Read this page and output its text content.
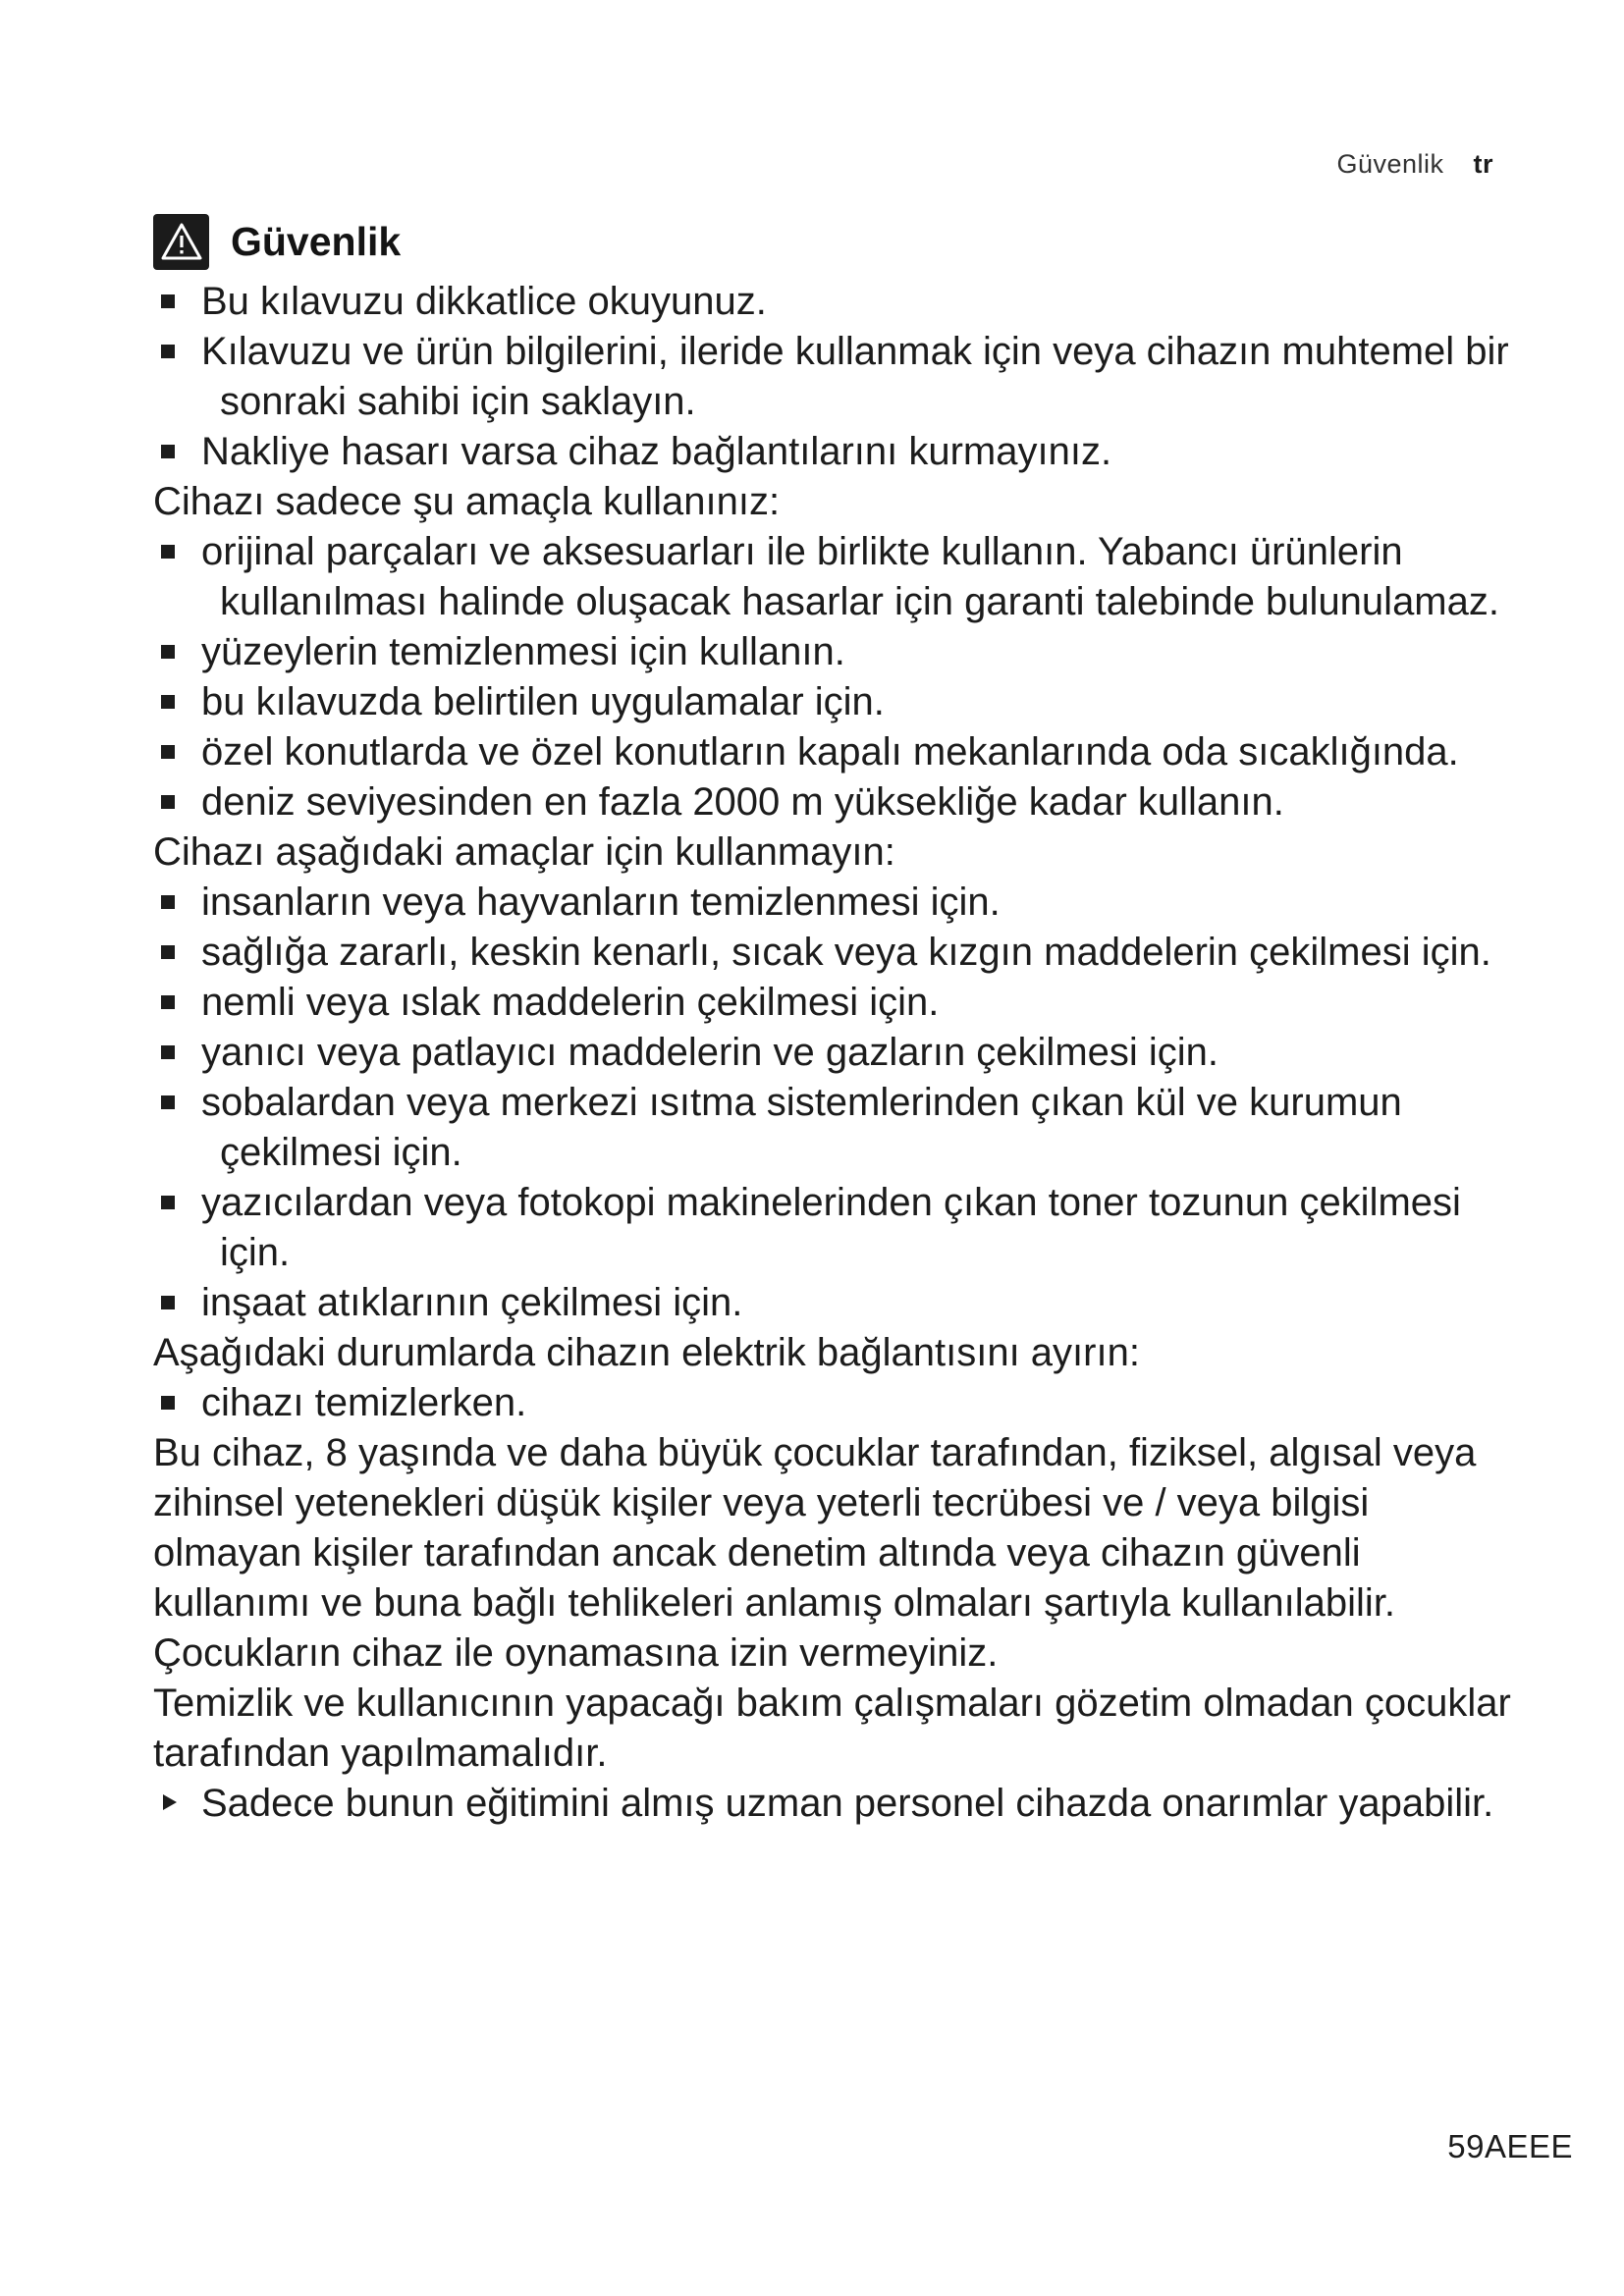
Güvenlik tr
Güvenlik
Bu kılavuzu dikkatlice okuyunuz.
Kılavuzu ve ürün bilgilerini, ileride kullanmak için veya cihazın muhtemel bir sonraki sahibi için saklayın.
Nakliye hasarı varsa cihaz bağlantılarını kurmayınız.
Cihazı sadece şu amaçla kullanınız:
orijinal parçaları ve aksesuarları ile birlikte kullanın. Yabancı ürünlerin kullanılması halinde oluşacak hasarlar için garanti talebinde bulunulamaz.
yüzeylerin temizlenmesi için kullanın.
bu kılavuzda belirtilen uygulamalar için.
özel konutlarda ve özel konutların kapalı mekanlarında oda sıcaklığında.
deniz seviyesinden en fazla 2000 m yüksekliğe kadar kullanın.
Cihazı aşağıdaki amaçlar için kullanmayın:
insanların veya hayvanların temizlenmesi için.
sağlığa zararlı, keskin kenarlı, sıcak veya kızgın maddelerin çekilmesi için.
nemli veya ıslak maddelerin çekilmesi için.
yanıcı veya patlayıcı maddelerin ve gazların çekilmesi için.
sobalardan veya merkezi ısıtma sistemlerinden çıkan kül ve kurumun çekilmesi için.
yazıcılardan veya fotokopi makinelerinden çıkan toner tozunun çekilmesi için.
inşaat atıklarının çekilmesi için.
Aşağıdaki durumlarda cihazın elektrik bağlantısını ayırın:
cihazı temizlerken.
Bu cihaz, 8 yaşında ve daha büyük çocuklar tarafından, fiziksel, algısal veya zihinsel yetenekleri düşük kişiler veya yeterli tecrübesi ve / veya bilgisi olmayan kişiler tarafından ancak denetim altında veya cihazın güvenli kullanımı ve buna bağlı tehlikeleri anlamış olmaları şartıyla kullanılabilir.
Çocukların cihaz ile oynamasına izin vermeyiniz.
Temizlik ve kullanıcının yapacağı bakım çalışmaları gözetim olmadan çocuklar tarafından yapılmamalıdır.
Sadece bunun eğitimini almış uzman personel cihazda onarımlar yapabilir.
59AEEE
